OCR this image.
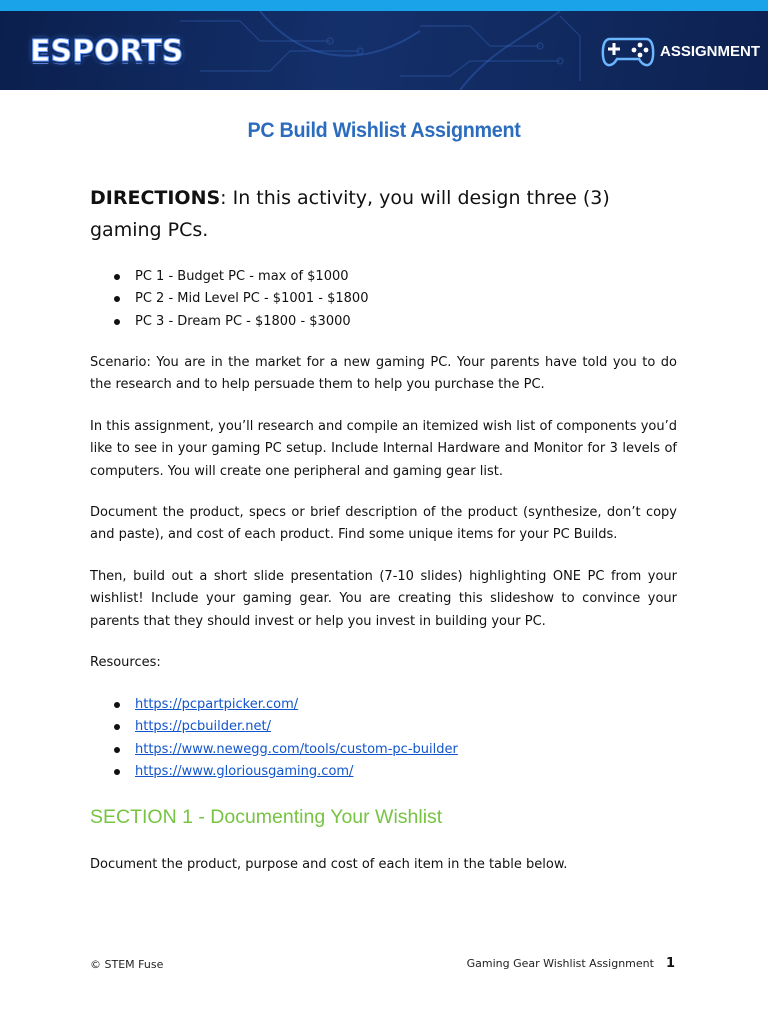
ESPORTS	ASSIGNMENT
PC Build Wishlist Assignment
DIRECTIONS: In this activity, you will design three (3) gaming PCs.
PC 1 - Budget PC - max of $1000
PC 2 - Mid Level PC - $1001 - $1800
PC 3 - Dream PC - $1800 - $3000

Scenario: You are in the market for a new gaming PC. Your parents have told you to do the research and to help persuade them to help you purchase the PC.

In this assignment, you’ll research and compile an itemized wish list of components you’d like to see in your gaming PC setup. Include Internal Hardware and Monitor for 3 levels of computers. You will create one peripheral and gaming gear list.

Document the product, specs or brief description of the product (synthesize, don’t copy and paste), and cost of each product. Find some unique items for your PC Builds.

Then, build out a short slide presentation (7-10 slides) highlighting ONE PC from your wishlist! Include your gaming gear. You are creating this slideshow to convince your parents that they should invest or help you invest in building your PC.

Resources:

https://pcpartpicker.com/
https://pcbuilder.net/
https://www.newegg.com/tools/custom-pc-builder
https://www.gloriousgaming.com/
SECTION 1 - Documenting Your Wishlist

Document the product, purpose and cost of each item in the table below.

© STEM Fuse	Gaming Gear Wishlist Assignment 1
